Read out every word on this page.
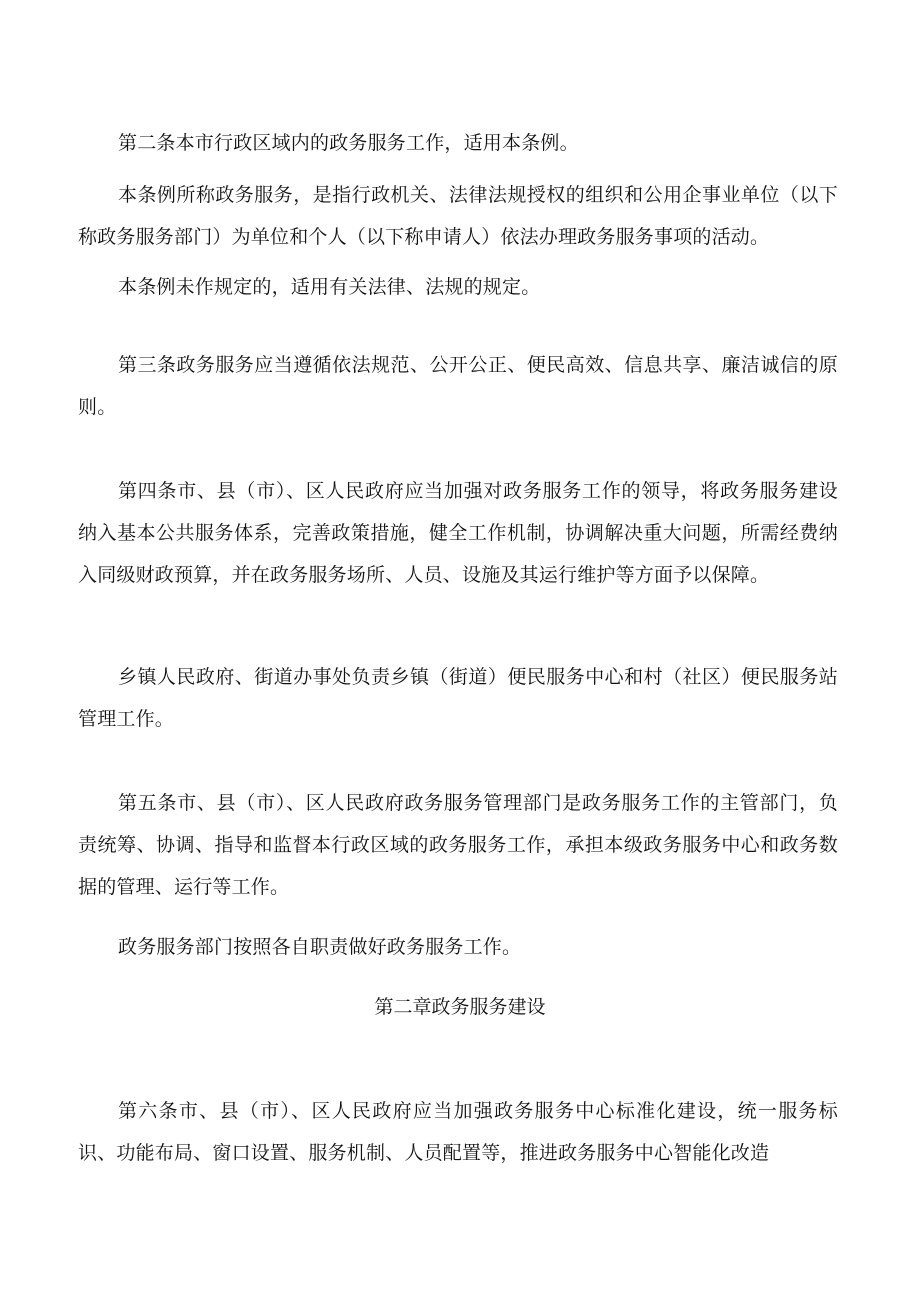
第二条本市行政区域内的政务服务工作，适用本条例。

本条例所称政务服务，是指行政机关、法律法规授权的组织和公用企事业单位（以下称政务服务部门）为单位和个人（以下称申请人）依法办理政务服务事项的活动。

本条例未作规定的，适用有关法律、法规的规定。

第三条政务服务应当遵循依法规范、公开公正、便民高效、信息共享、廉洁诚信的原则。

第四条市、县（市）、区人民政府应当加强对政务服务工作的领导，将政务服务建设纳入基本公共服务体系，完善政策措施，健全工作机制，协调解决重大问题，所需经费纳入同级财政预算，并在政务服务场所、人员、设施及其运行维护等方面予以保障。

乡镇人民政府、街道办事处负责乡镇（街道）便民服务中心和村（社区）便民服务站管理工作。

第五条市、县（市）、区人民政府政务服务管理部门是政务服务工作的主管部门，负责统筹、协调、指导和监督本行政区域的政务服务工作，承担本级政务服务中心和政务数据的管理、运行等工作。

政务服务部门按照各自职责做好政务服务工作。

第二章政务服务建设

第六条市、县（市）、区人民政府应当加强政务服务中心标准化建设，统一服务标识、功能布局、窗口设置、服务机制、人员配置等，推进政务服务中心智能化改造
